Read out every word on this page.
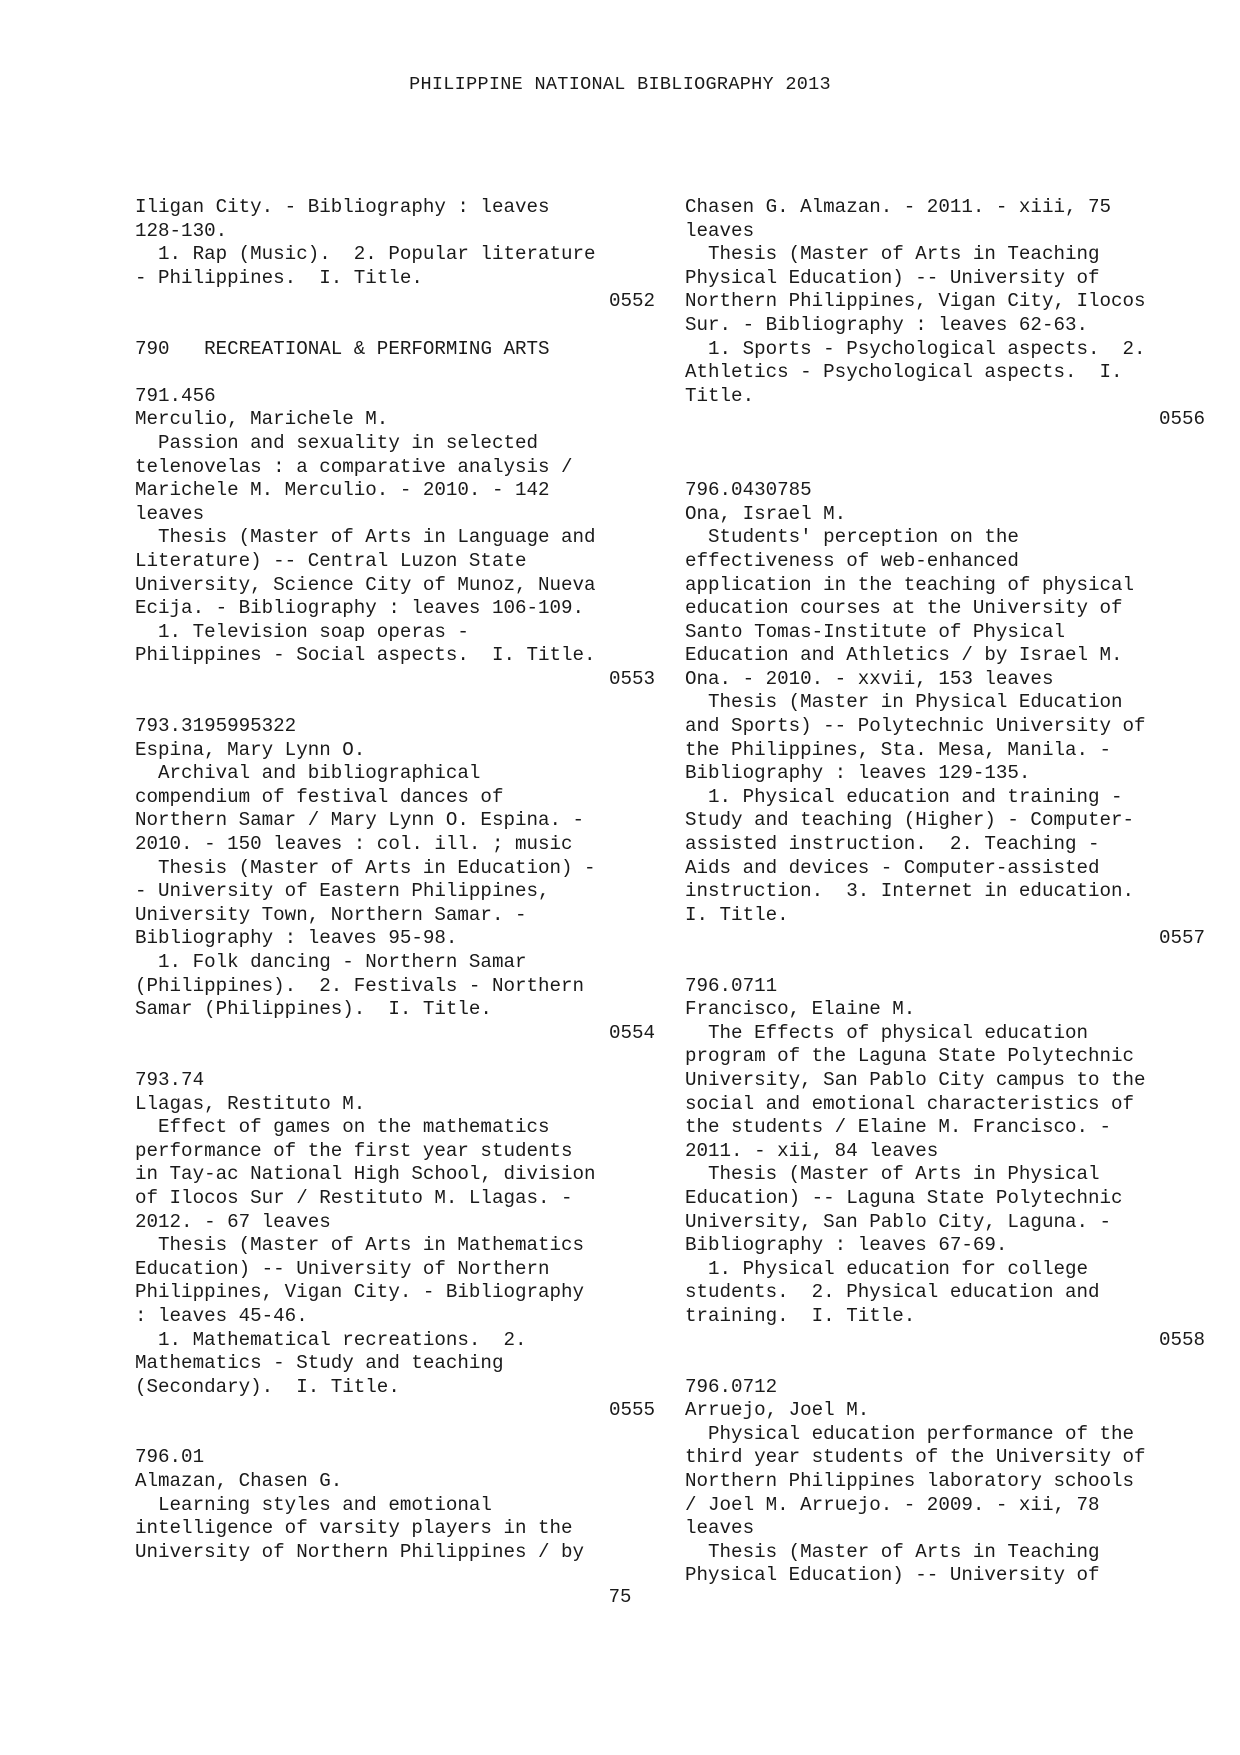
PHILIPPINE NATIONAL BIBLIOGRAPHY 2013
Iligan City. - Bibliography : leaves
128-130.
1. Rap (Music).  2. Popular literature
- Philippines.  I. Title.
0552
790 RECREATIONAL & PERFORMING ARTS
791.456
Merculio, Marichele M.
Passion and sexuality in selected
telenovelas : a comparative analysis /
Marichele M. Merculio. - 2010. - 142
leaves
Thesis (Master of Arts in Language and
Literature) -- Central Luzon State
University, Science City of Munoz, Nueva
Ecija. - Bibliography : leaves 106-109.
1. Television soap operas -
Philippines - Social aspects.  I. Title.
0553
793.3195995322
Espina, Mary Lynn O.
Archival and bibliographical
compendium of festival dances of
Northern Samar / Mary Lynn O. Espina. -
2010. - 150 leaves : col. ill. ; music
Thesis (Master of Arts in Education) -
- University of Eastern Philippines,
University Town, Northern Samar. -
Bibliography : leaves 95-98.
1. Folk dancing - Northern Samar
(Philippines).  2. Festivals - Northern
Samar (Philippines).  I. Title.
0554
793.74
Llagas, Restituto M.
Effect of games on the mathematics
performance of the first year students
in Tay-ac National High School, division
of Ilocos Sur / Restituto M. Llagas. -
2012. - 67 leaves
Thesis (Master of Arts in Mathematics
Education) -- University of Northern
Philippines, Vigan City. - Bibliography
: leaves 45-46.
1. Mathematical recreations.  2.
Mathematics - Study and teaching
(Secondary).  I. Title.
0555
796.01
Almazan, Chasen G.
Learning styles and emotional
intelligence of varsity players in the
University of Northern Philippines / by
Chasen G. Almazan. - 2011. - xiii, 75
leaves
Thesis (Master of Arts in Teaching
Physical Education) -- University of
Northern Philippines, Vigan City, Ilocos
Sur. - Bibliography : leaves 62-63.
1. Sports - Psychological aspects.  2.
Athletics - Psychological aspects.  I.
Title.
0556
796.0430785
Ona, Israel M.
Students' perception on the
effectiveness of web-enhanced
application in the teaching of physical
education courses at the University of
Santo Tomas-Institute of Physical
Education and Athletics / by Israel M.
Ona. - 2010. - xxvii, 153 leaves
Thesis (Master in Physical Education
and Sports) -- Polytechnic University of
the Philippines, Sta. Mesa, Manila. -
Bibliography : leaves 129-135.
1. Physical education and training -
Study and teaching (Higher) - Computer-
assisted instruction.  2. Teaching -
Aids and devices - Computer-assisted
instruction.  3. Internet in education.
I. Title.
0557
796.0711
Francisco, Elaine M.
The Effects of physical education
program of the Laguna State Polytechnic
University, San Pablo City campus to the
social and emotional characteristics of
the students / Elaine M. Francisco. -
2011. - xii, 84 leaves
Thesis (Master of Arts in Physical
Education) -- Laguna State Polytechnic
University, San Pablo City, Laguna. -
Bibliography : leaves 67-69.
1. Physical education for college
students.  2. Physical education and
training.  I. Title.
0558
796.0712
Arruejo, Joel M.
Physical education performance of the
third year students of the University of
Northern Philippines laboratory schools
/ Joel M. Arruejo. - 2009. - xii, 78
leaves
Thesis (Master of Arts in Teaching
Physical Education) -- University of
75
